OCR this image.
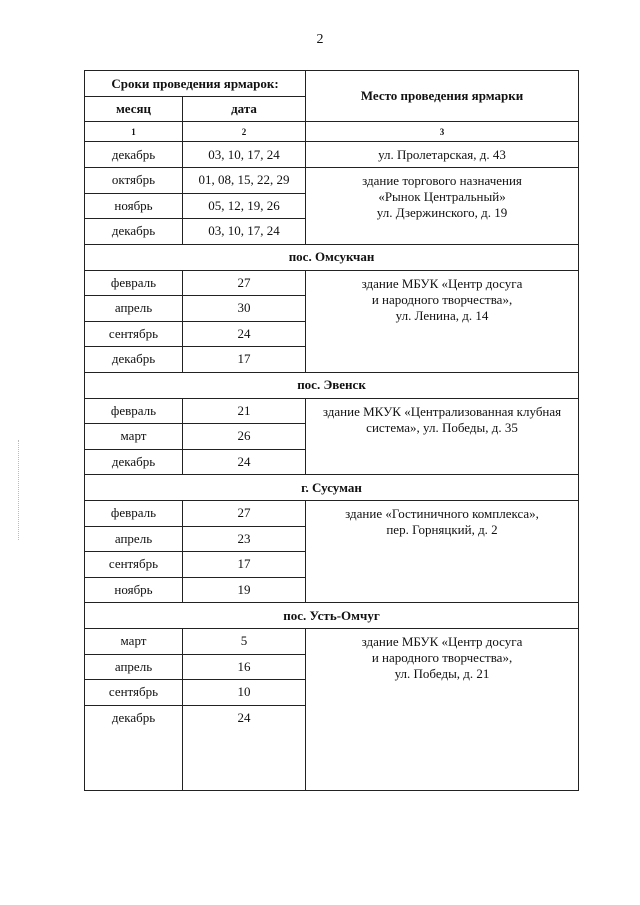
2
Сроки проведения ярмарок:		Место проведения ярмарки
месяц	дата	
1	2	3
декабрь	03, 10, 17, 24	ул. Пролетарская, д. 43

октябрь	01, 08, 15, 22, 29	здание торгового назначения
«Рынок Центральный»
ул. Дзержинского, д. 19

ноябрь	05, 12, 19, 26	
декабрь	03, 10, 17, 24	
пос. Омсукчан		
февраль	27	здание МБУК «Центр досуга
и народного творчества»,
ул. Ленина, д. 14

апрель	30	
сентябрь	24	
декабрь	17	
пос. Эвенск		
февраль	21	здание МКУК «Централизованная клубная
система», ул. Победы, д. 35

март	26	
декабрь	24	
г. Сусуман		
февраль	27	здание «Гостиничного комплекса»,
пер. Горняцкий, д. 2

апрель	23	
сентябрь	17	
ноябрь	19	
пос. Усть-Омчуг		
март	5	здание МБУК «Центр досуга
и народного творчества»,
ул. Победы, д. 21

апрель	16	
сентябрь	10	
декабрь	24	
